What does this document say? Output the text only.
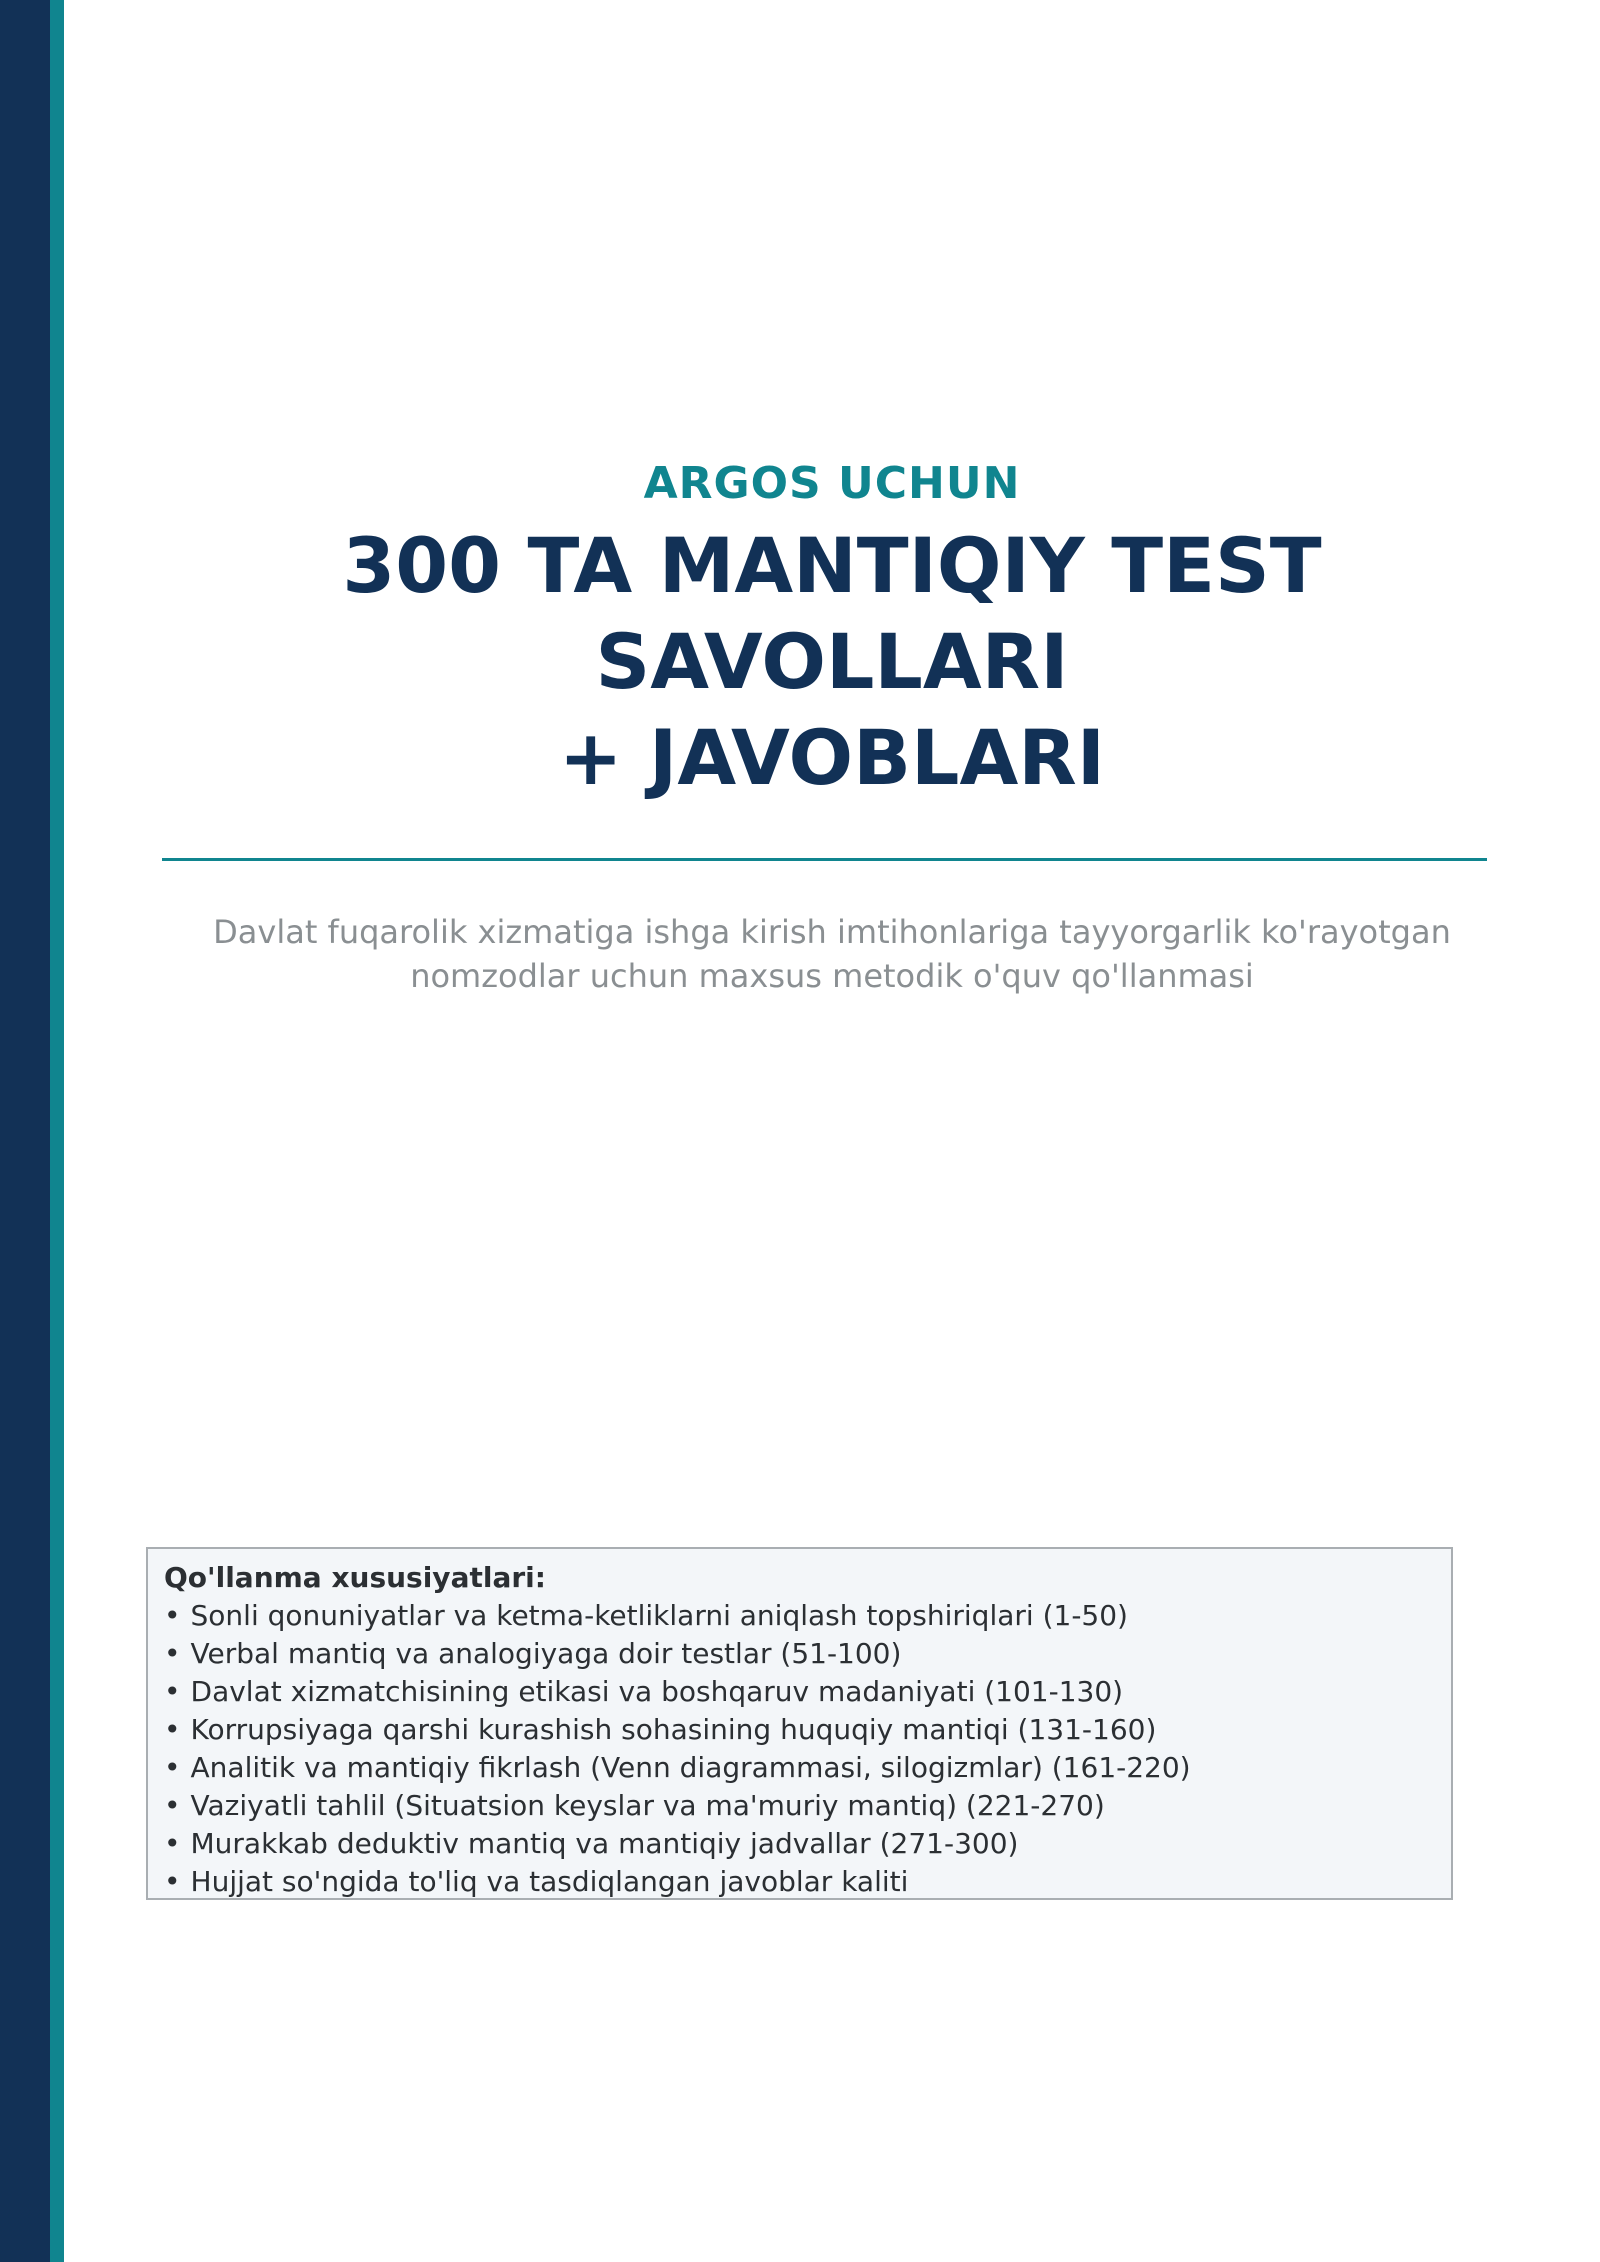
ARGOS UCHUN
300 TA MANTIQIY TEST
SAVOLLARI
+ JAVOBLARI
Davlat fuqarolik xizmatiga ishga kirish imtihonlariga tayyorgarlik ko'rayotgan
nomzodlar uchun maxsus metodik o'quv qo'llanmasi
Qo'llanma xususiyatlari:
• Sonli qonuniyatlar va ketma-ketliklarni aniqlash topshiriqlari (1-50)
• Verbal mantiq va analogiyaga doir testlar (51-100)
• Davlat xizmatchisining etikasi va boshqaruv madaniyati (101-130)
• Korrupsiyaga qarshi kurashish sohasining huquqiy mantiqi (131-160)
• Analitik va mantiqiy fikrlash (Venn diagrammasi, silogizmlar) (161-220)
• Vaziyatli tahlil (Situatsion keyslar va ma'muriy mantiq) (221-270)
• Murakkab deduktiv mantiq va mantiqiy jadvallar (271-300)
• Hujjat so'ngida to'liq va tasdiqlangan javoblar kaliti
